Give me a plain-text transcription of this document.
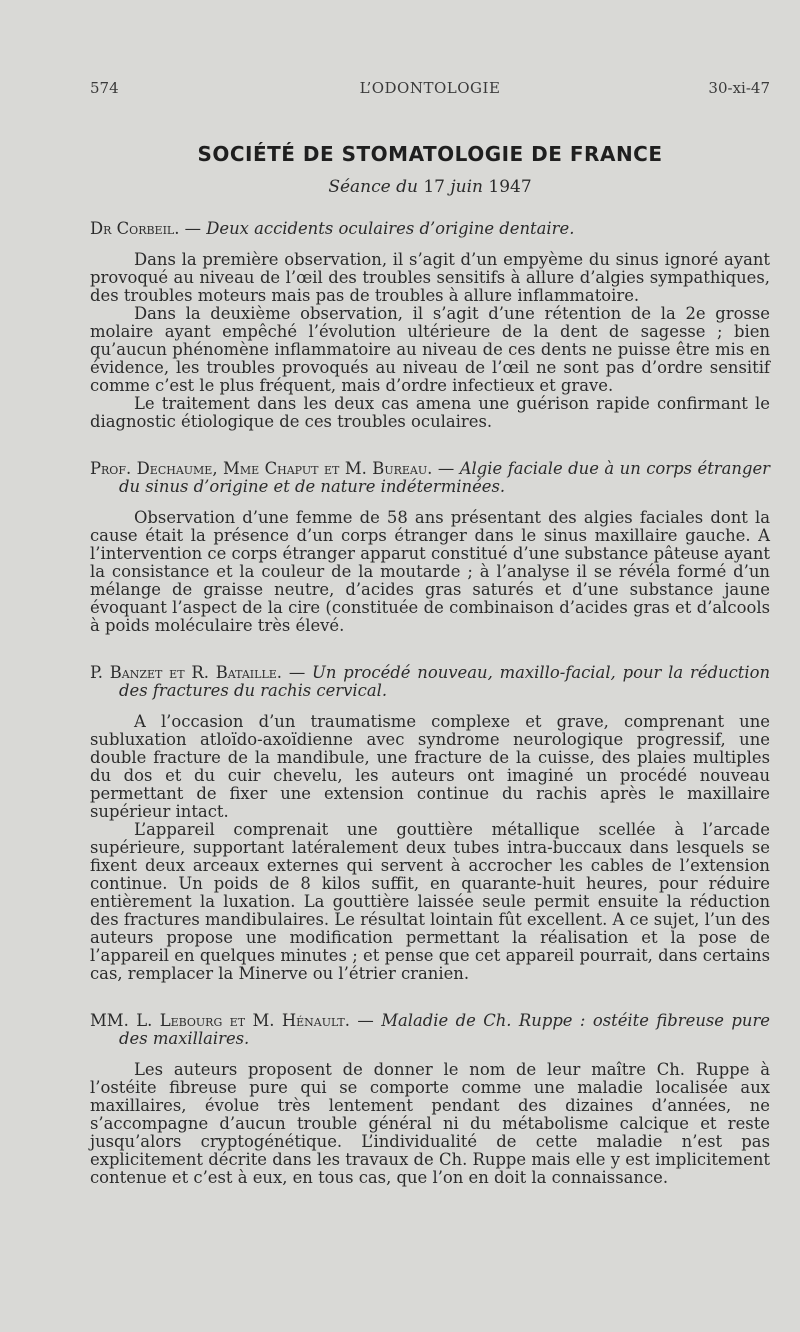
574	L’ODONTOLOGIE	30-xi-47
SOCIÉTÉ DE STOMATOLOGIE DE FRANCE
Séance du 17 juin 1947

Dr Corbeil. — Deux accidents oculaires d’origine dentaire.

Dans la première observation, il s’agit d’un empyème du sinus ignoré ayant provoqué au niveau de l’œil des troubles sensitifs à allure d’algies sympathiques, des troubles moteurs mais pas de troubles à allure inflammatoire.

Dans la deuxième observation, il s’agit d’une rétention de la 2e grosse molaire ayant empêché l’évolution ultérieure de la dent de sagesse ; bien qu’aucun phénomène inflammatoire au niveau de ces dents ne puisse être mis en évidence, les troubles provoqués au niveau de l’œil ne sont pas d’ordre sensitif comme c’est le plus fréquent, mais d’ordre infectieux et grave.

Le traitement dans les deux cas amena une guérison rapide confirmant le diagnostic étiologique de ces troubles oculaires.

Prof. Dechaume, Mme Chaput et M. Bureau. — Algie faciale due à un corps étranger du sinus d’origine et de nature indéterminées.

Observation d’une femme de 58 ans présentant des algies faciales dont la cause était la présence d’un corps étranger dans le sinus maxillaire gauche. A l’intervention ce corps étranger apparut constitué d’une substance pâteuse ayant la consistance et la couleur de la moutarde ; à l’analyse il se révéla formé d’un mélange de graisse neutre, d’acides gras saturés et d’une substance jaune évoquant l’aspect de la cire (constituée de combinaison d’acides gras et d’alcools à poids moléculaire très élevé.

P. Banzet et R. Bataille. — Un procédé nouveau, maxillo-facial, pour la réduction des fractures du rachis cervical.

A l’occasion d’un traumatisme complexe et grave, comprenant une subluxation atloïdo-axoïdienne avec syndrome neurologique progressif, une double fracture de la mandibule, une fracture de la cuisse, des plaies multiples du dos et du cuir chevelu, les auteurs ont imaginé un procédé nouveau permettant de fixer une extension continue du rachis après le maxillaire supérieur intact.

L’appareil comprenait une gouttière métallique scellée à l’arcade supérieure, supportant latéralement deux tubes intra-buccaux dans lesquels se fixent deux arceaux externes qui servent à accrocher les cables de l’extension continue. Un poids de 8 kilos suffit, en quarante-huit heures, pour réduire entièrement la luxation. La gouttière laissée seule permit ensuite la réduction des fractures mandibulaires. Le résultat lointain fût excellent. A ce sujet, l’un des auteurs propose une modification permettant la réalisation et la pose de l’appareil en quelques minutes ; et pense que cet appareil pourrait, dans certains cas, remplacer la Minerve ou l’étrier cranien.

MM. L. Lebourg et M. Hénault. — Maladie de Ch. Ruppe : ostéite fibreuse pure des maxillaires.

Les auteurs proposent de donner le nom de leur maître Ch. Ruppe à l’ostéite fibreuse pure qui se comporte comme une maladie localisée aux maxillaires, évolue très lentement pendant des dizaines d’années, ne s’accompagne d’aucun trouble général ni du métabolisme calcique et reste jusqu’alors cryptogénétique. L’individualité de cette maladie n’est pas explicitement décrite dans les travaux de Ch. Ruppe mais elle y est implicitement contenue et c’est à eux, en tous cas, que l’on en doit la connaissance.
